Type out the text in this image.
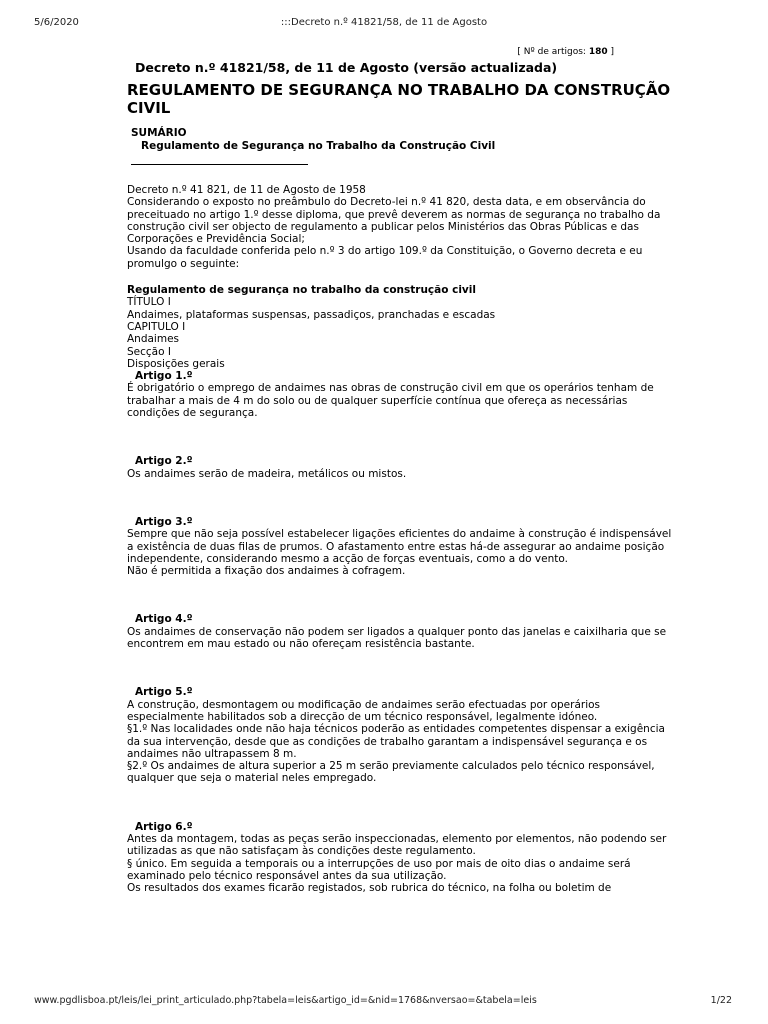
5/6/2020	:::Decreto n.º 41821/58, de 11 de Agosto
[ Nº de artigos: 180 ]
Decreto n.º 41821/58, de 11 de Agosto (versão actualizada)
REGULAMENTO DE SEGURANÇA NO TRABALHO DA CONSTRUÇÃO CIVIL
SUMÁRIO
Regulamento de Segurança no Trabalho da Construção Civil

Decreto n.º 41 821, de 11 de Agosto de 1958

Considerando o exposto no preâmbulo do Decreto-lei n.º 41 820, desta data, e em observância do preceituado no artigo 1.º desse diploma, que prevê deverem as normas de segurança no trabalho da construção civil ser objecto de regulamento a publicar pelos Ministérios das Obras Públicas e das Corporações e Previdência Social;

Usando da faculdade conferida pelo n.º 3 do artigo 109.º da Constituição, o Governo decreta e eu promulgo o seguinte:

Regulamento de segurança no trabalho da construção civil

TÍTULO I

Andaimes, plataformas suspensas, passadiços, pranchadas e escadas

CAPITULO I

Andaimes

Secção I

Disposições gerais

Artigo 1.º

É obrigatório o emprego de andaimes nas obras de construção civil em que os operários tenham de trabalhar a mais de 4 m do solo ou de qualquer superfície contínua que ofereça as necessárias condições de segurança.

Artigo 2.º

Os andaimes serão de madeira, metálicos ou mistos.

Artigo 3.º

Sempre que não seja possível estabelecer ligações eficientes do andaime à construção é indispensável a existência de duas filas de prumos. O afastamento entre estas há-de assegurar ao andaime posição independente, considerando mesmo a acção de forças eventuais, como a do vento.

Não é permitida a fixação dos andaimes à cofragem.

Artigo 4.º

Os andaimes de conservação não podem ser ligados a qualquer ponto das janelas e caixilharia que se encontrem em mau estado ou não ofereçam resistência bastante.

Artigo 5.º

A construção, desmontagem ou modificação de andaimes serão efectuadas por operários especialmente habilitados sob a direcção de um técnico responsável, legalmente idóneo.

§1.º Nas localidades onde não haja técnicos poderão as entidades competentes dispensar a exigência da sua intervenção, desde que as condições de trabalho garantam a indispensável segurança e os andaimes não ultrapassem 8 m.

§2.º Os andaimes de altura superior a 25 m serão previamente calculados pelo técnico responsável, qualquer que seja o material neles empregado.

Artigo 6.º

Antes da montagem, todas as peças serão inspeccionadas, elemento por elementos, não podendo ser utilizadas as que não satisfaçam às condições deste regulamento.

§ único. Em seguida a temporais ou a interrupções de uso por mais de oito dias o andaime será examinado pelo técnico responsável antes da sua utilização.

Os resultados dos exames ficarão registados, sob rubrica do técnico, na folha ou boletim de

www.pgdlisboa.pt/leis/lei_print_articulado.php?tabela=leis&artigo_id=&nid=1768&nversao=&tabela=leis	1/22
